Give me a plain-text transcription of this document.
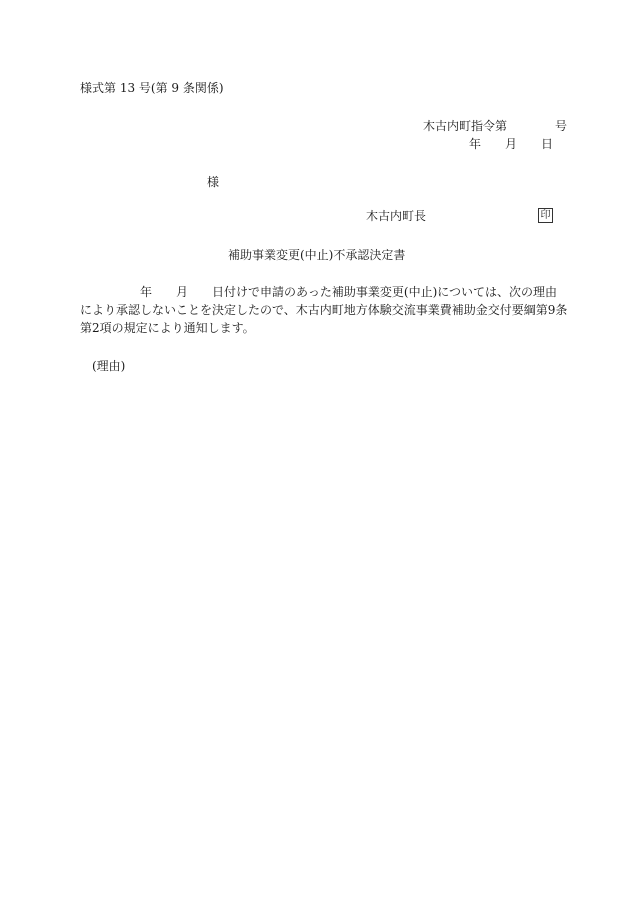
様式第 13 号(第 9 条関係)
木古内町指令第　　　　号
年　　月　　日
様
木古内町長	印
補助事業変更(中止)不承認決定書

　　　　　年　　月　　日付けで申請のあった補助事業変更(中止)については、次の理由

により承認しないことを決定したので、木古内町地方体験交流事業費補助金交付要綱第9条

第2項の規定により通知します。

(理由)
